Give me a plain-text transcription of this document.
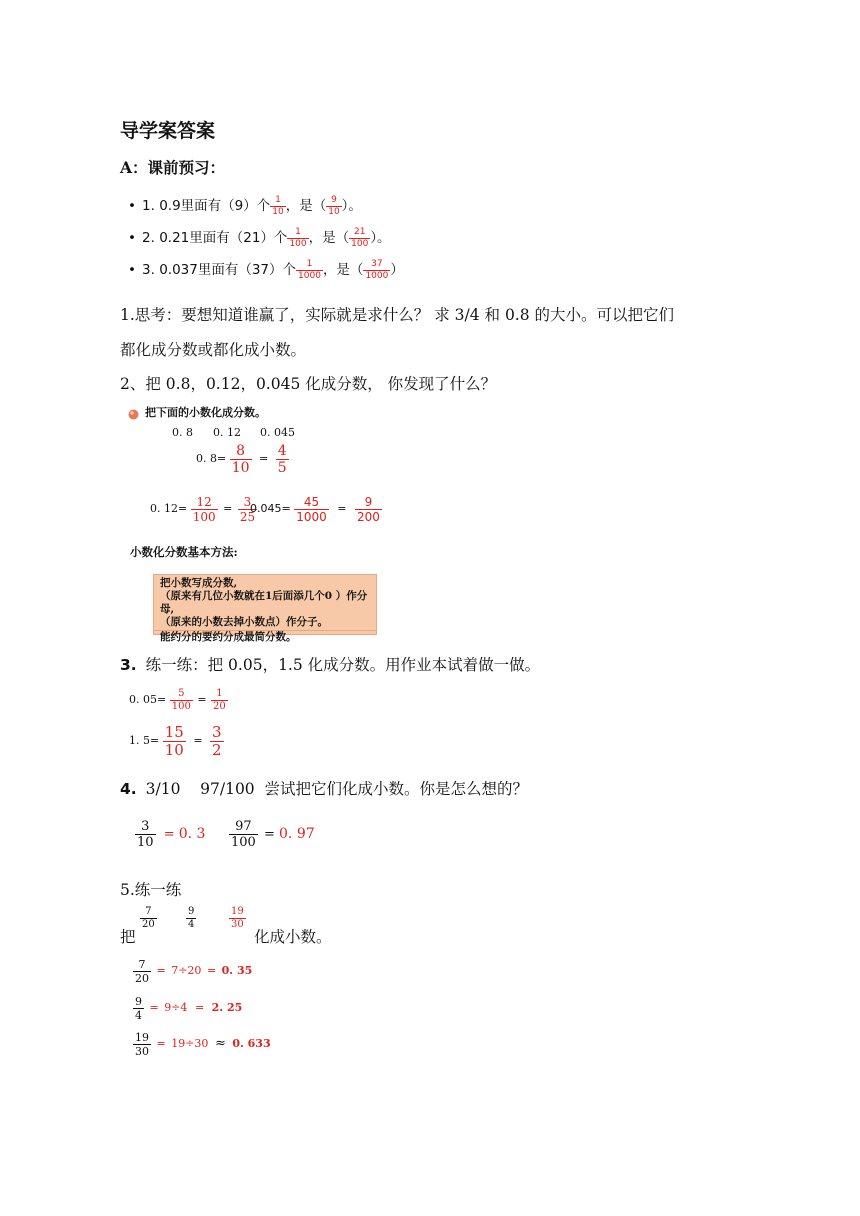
导学案答案
A：课前预习：
• 1. 0.9里面有（9）个 $\frac{1}{10}$ ，是（ $\frac{9}{10}$ ）。
• 2. 0.21里面有（21）个 $\frac{1}{100}$ ，是（ $\frac{21}{100}$ ）。
• 3. 0.037里面有（37）个 $\frac{1}{1000}$ ，是（ $\frac{37}{1000}$ ）
1.思考：要想知道谁赢了，实际就是求什么？ 求 3/4 和 0.8 的大小。可以把它们
都化成分数或都化成小数。
2、把 0.8，0.12，0.045 化成分数， 你发现了什么？
把下面的小数化成分数。
0. 8 0. 12 0. 045
0. $8= \frac{8}{10} = \frac{4}{5}$
0. $12= \frac{12}{100} = \frac{3}{25}$
$0.045= \frac{45}{1000} = \frac{9}{200}$
小数化分数基本方法:
把小数写成分数,
（原来有几位小数就在1后面添几个0 ）作分母,
（原来的小数去掉小数点）作分子。
能约分的要约分成最简分数。
3. 练一练：把 0.05，1.5 化成分数。用作业本试着做一做。
0. $05= \frac{5}{100} = \frac{1}{20}$
1. $5= \frac{15}{10} = \frac{3}{2}$
4. 3/10    97/100  尝试把它们化成小数。你是怎么想的？
$\frac{3}{10} = 0$. $3 \frac{97}{100} = 0$. 97
5.练一练
把
$\frac{7}{20}$	$\frac{9}{4}$	$\frac{19}{30}$
化成小数。
$\frac{7}{20} = 7\div 20 = 0$. 35
$\frac{9}{4} = 9\div 4 = 2$. 25
$\frac{19}{30} = 19\div 30 \approx 0$. 633
